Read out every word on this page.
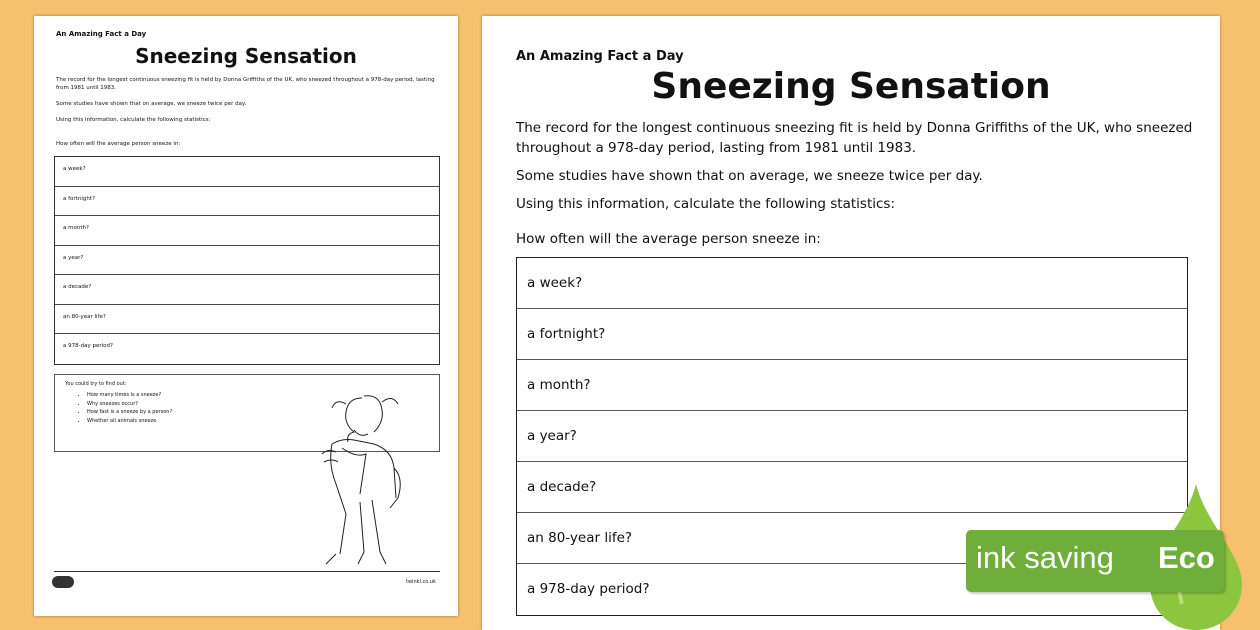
An Amazing Fact a Day
Sneezing Sensation
The record for the longest continuous sneezing fit is held by Donna Griffiths of the UK, who sneezed throughout a 978-day period, lasting from 1981 until 1983.
Some studies have shown that on average, we sneeze twice per day.
Using this information, calculate the following statistics:
How often will the average person sneeze in:
a week?
a fortnight?
a month?
a year?
a decade?
an 80-year life?
a 978-day period?
You could try to find out:
• How many times is a sneeze?
• Why sneezes occur?
• How fast is a sneeze by a person?
• Whether all animals sneeze.
twinkl.co.uk
An Amazing Fact a Day
Sneezing Sensation
The record for the longest continuous sneezing fit is held by Donna Griffiths of the UK, who sneezed throughout a 978-day period, lasting from 1981 until 1983.
Some studies have shown that on average, we sneeze twice per day.
Using this information, calculate the following statistics:
How often will the average person sneeze in:
a week?
a fortnight?
a month?
a year?
a decade?
an 80-year life?
a 978-day period?
ink saving Eco
